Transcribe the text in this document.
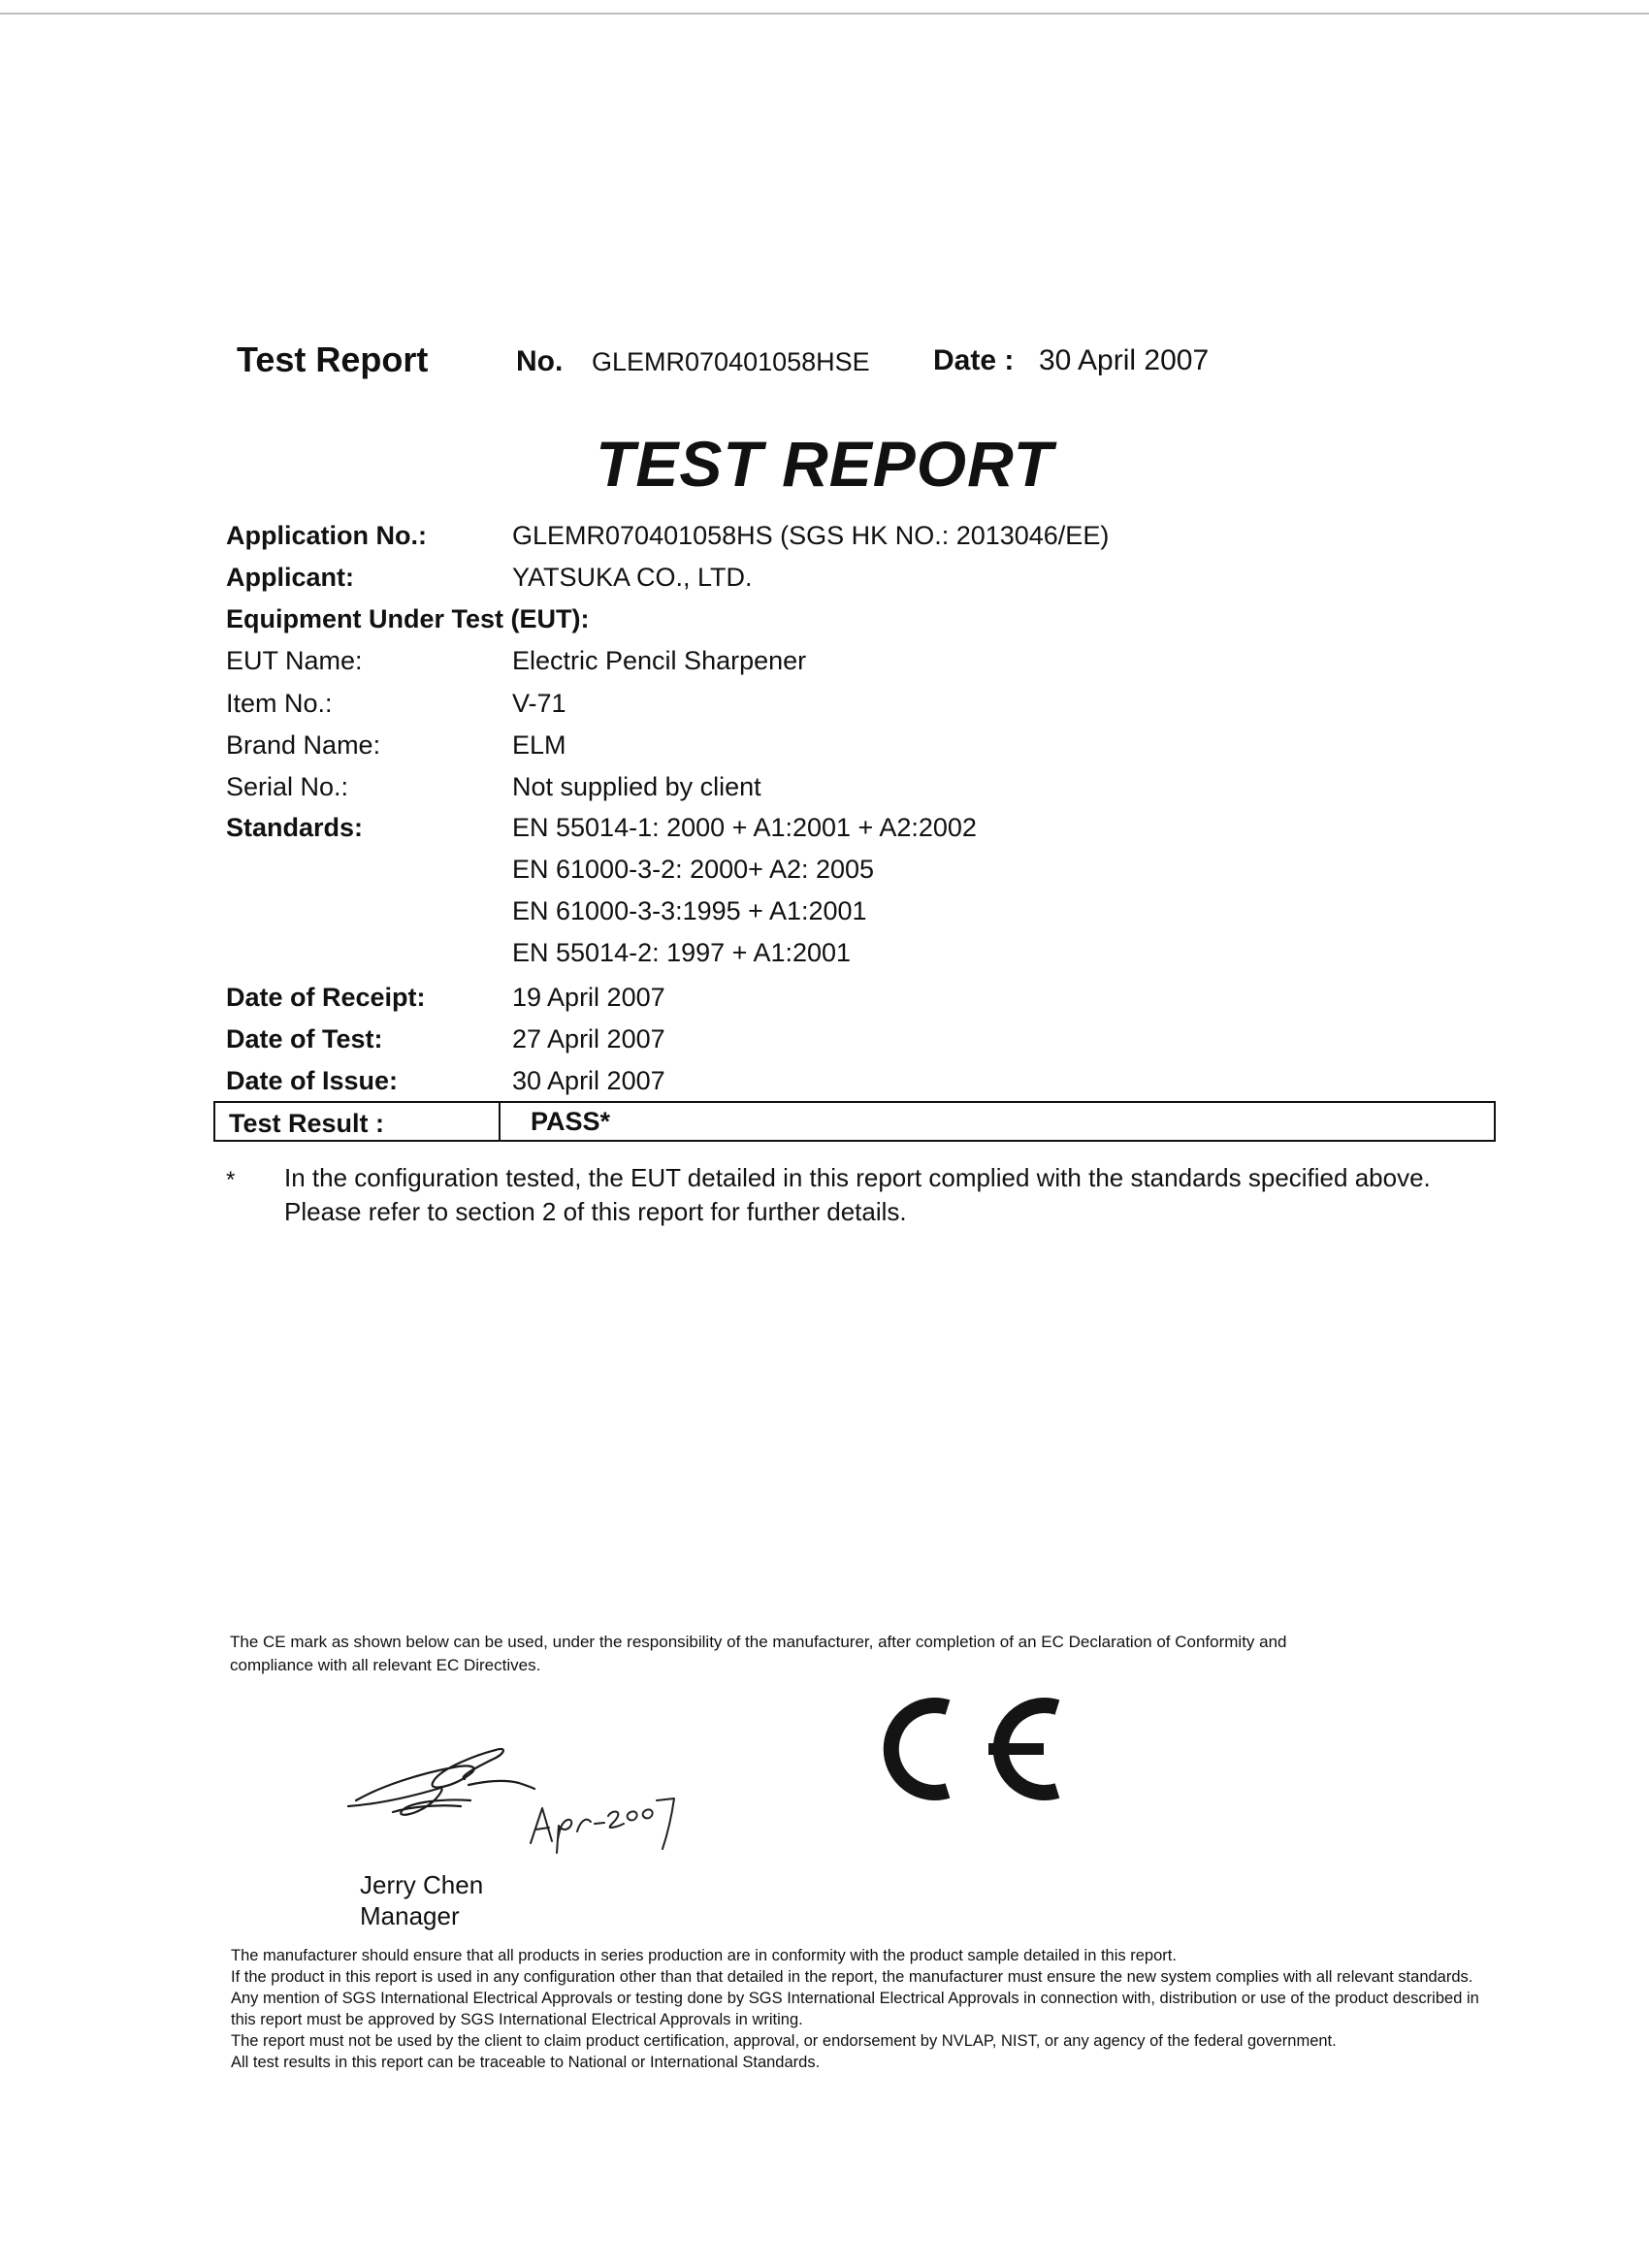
Test Report	No. GLEMR070401058HSE Date : 30 April 2007
TEST REPORT
Application No.:	GLEMR070401058HS (SGS HK NO.: 2013046/EE)
Applicant:	YATSUKA CO., LTD.
Equipment Under Test (EUT):
EUT Name:	Electric Pencil Sharpener
Item No.:	V-71
Brand Name:	ELM
Serial No.:	Not supplied by client
Standards:	EN 55014-1: 2000 + A1:2001 + A2:2002
EN 61000-3-2: 2000+ A2: 2005
EN 61000-3-3:1995 + A1:2001
EN 55014-2: 1997 + A1:2001
Date of Receipt:	19 April 2007
Date of Test:	27 April 2007
Date of Issue:	30 April 2007
Test Result :	PASS*
* In the configuration tested, the EUT detailed in this report complied with the standards specified above.
Please refer to section 2 of this report for further details.
The CE mark as shown below can be used, under the responsibility of the manufacturer, after completion of an EC Declaration of Conformity and
compliance with all relevant EC Directives.
Jerry Chen
Manager

The manufacturer should ensure that all products in series production are in conformity with the product sample detailed in this report.

If the product in this report is used in any configuration other than that detailed in the report, the manufacturer must ensure the new system complies with all relevant standards. Any mention of SGS International Electrical Approvals or testing done by SGS International Electrical Approvals in connection with, distribution or use of the product described in this report must be approved by SGS International Electrical Approvals in writing.

The report must not be used by the client to claim product certification, approval, or endorsement by NVLAP, NIST, or any agency of the federal government.

All test results in this report can be traceable to National or International Standards.
